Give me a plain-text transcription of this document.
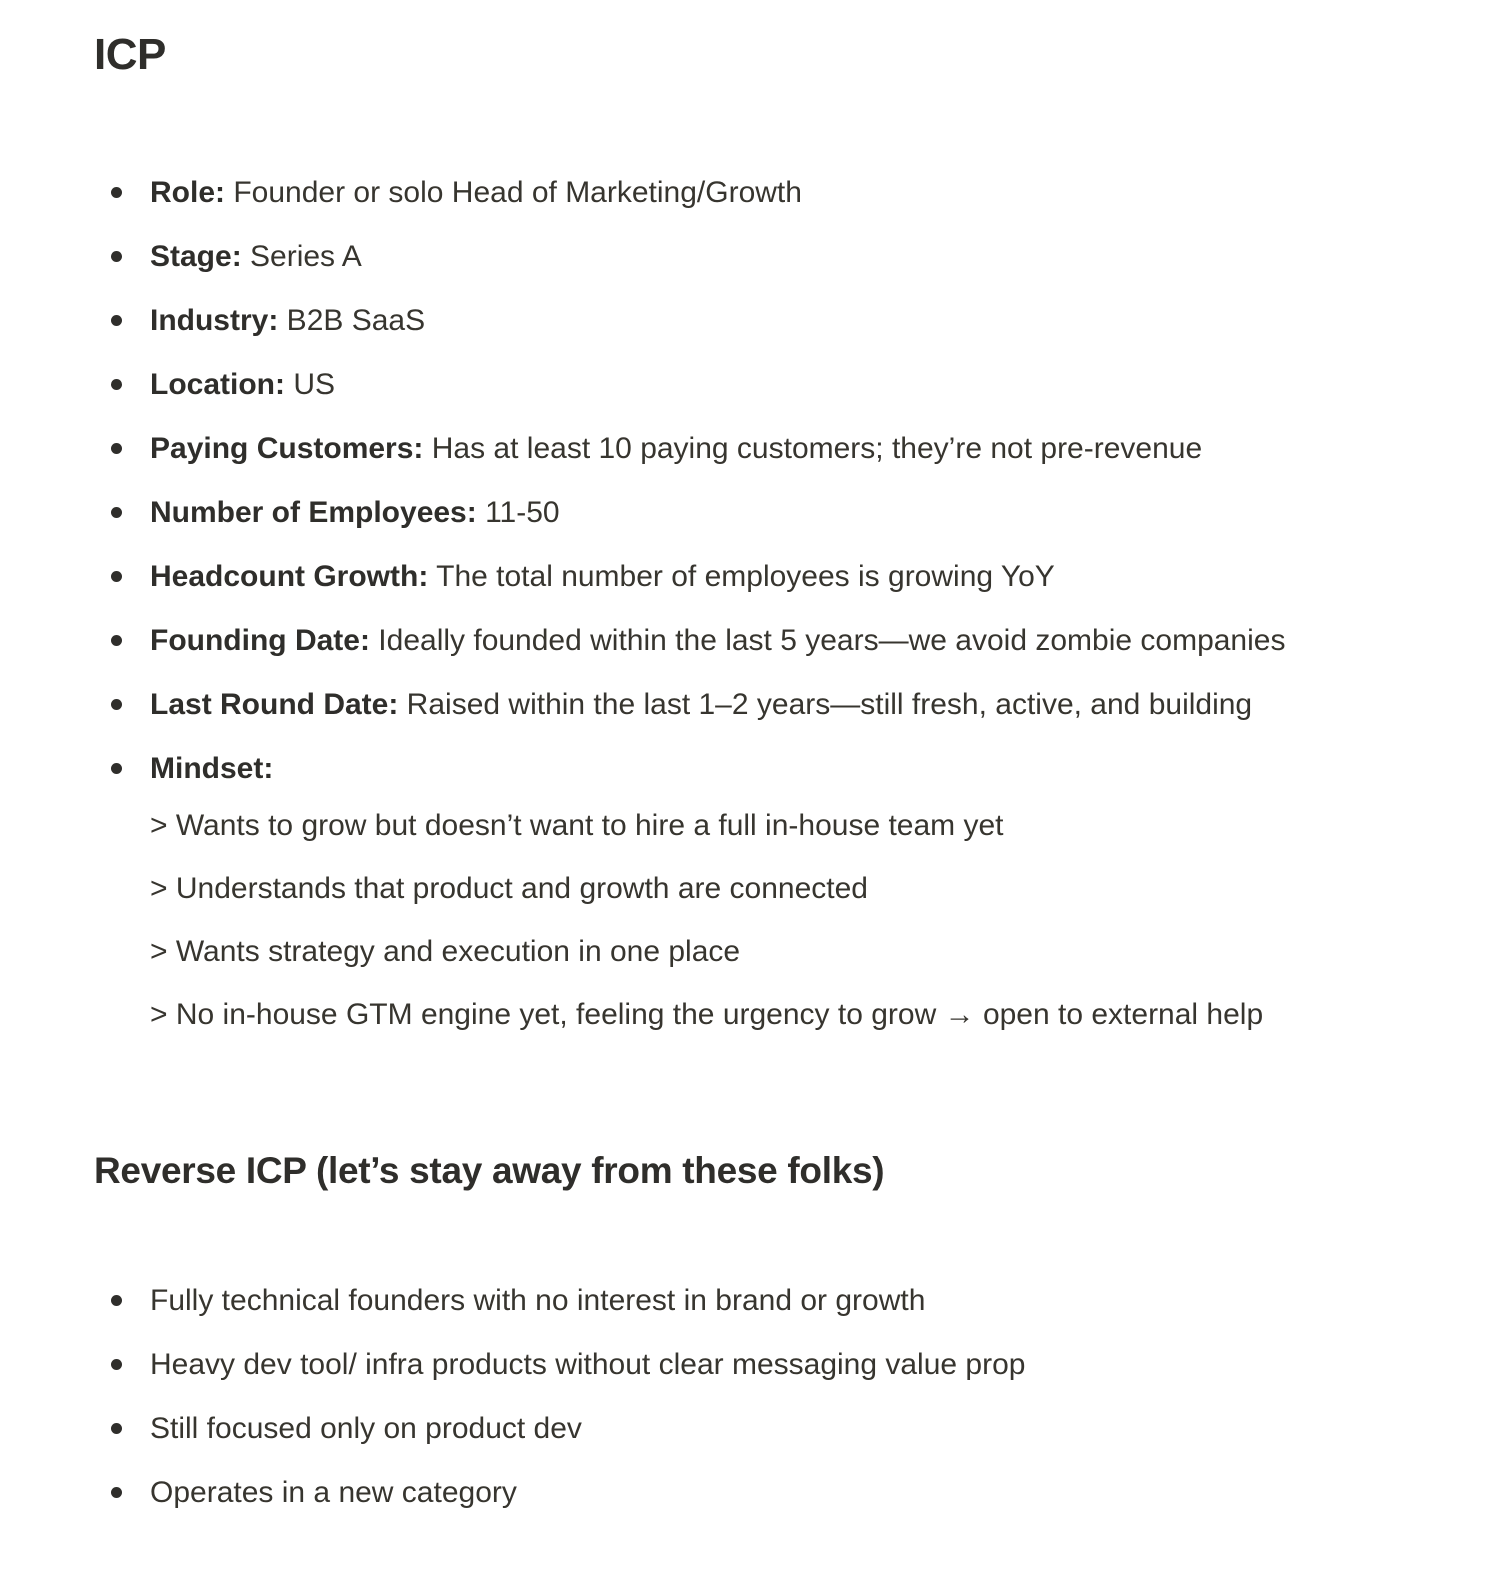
ICP
Role: Founder or solo Head of Marketing/Growth
Stage: Series A
Industry: B2B SaaS
Location: US
Paying Customers: Has at least 10 paying customers; they’re not pre-revenue
Number of Employees: 11-50
Headcount Growth: The total number of employees is growing YoY
Founding Date: Ideally founded within the last 5 years—we avoid zombie companies
Last Round Date: Raised within the last 1–2 years—still fresh, active, and building
Mindset:
> Wants to grow but doesn’t want to hire a full in-house team yet
> Understands that product and growth are connected
> Wants strategy and execution in one place
> No in-house GTM engine yet, feeling the urgency to grow → open to external help
Reverse ICP (let’s stay away from these folks)
Fully technical founders with no interest in brand or growth
Heavy dev tool/ infra products without clear messaging value prop
Still focused only on product dev
Operates in a new category
